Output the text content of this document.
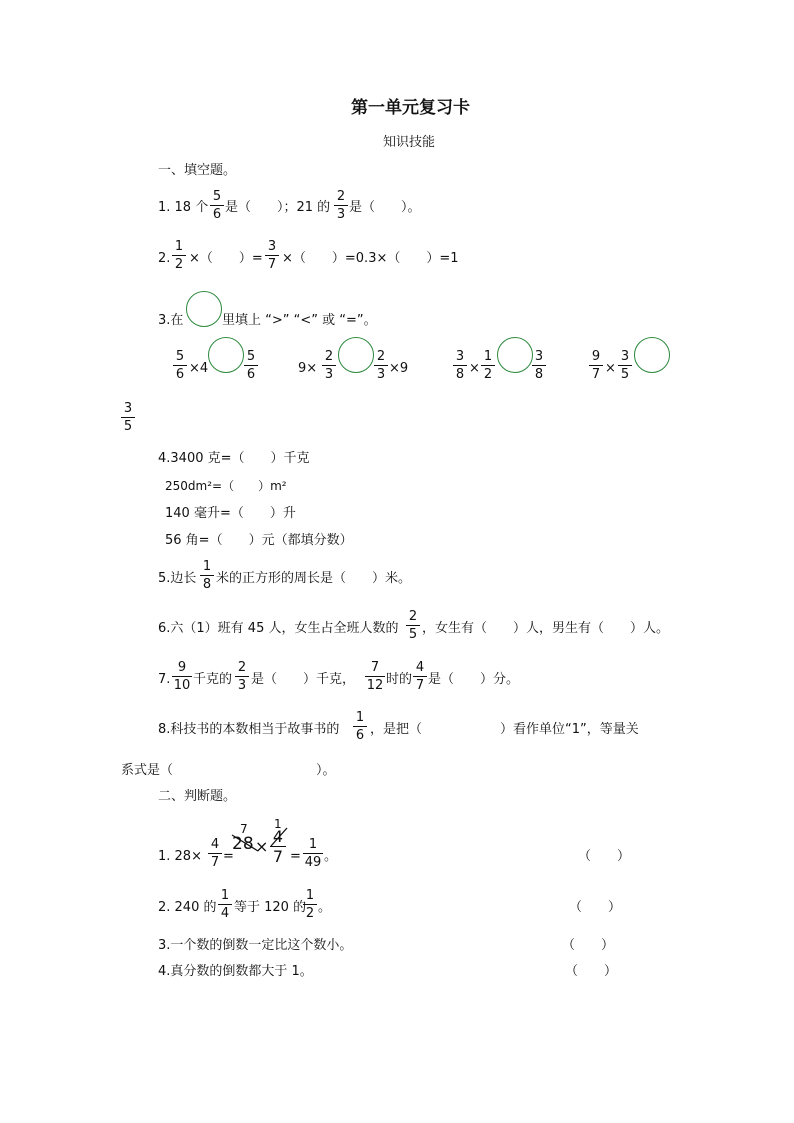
第一单元复习卡
知识技能
一、填空题。
1. 18 个
5
6 是（　　）；21 的
2
3 是（　　）。
2.
1
2 ×（　　）=
3
7 ×（　　）=0.3×（　　）=1
3.在	里填上 “>” “<” 或 “=”。
5
6 ×4
5
6	9×
2
3
2
3 ×9
3
8 ×
1
2
3
8
9
7 ×
3
5
3
5
4.3400 克=（　　）千克
250dm²=（　　）m²
140 毫升=（　　）升
56 角=（　　）元（都填分数）
5.边长
1
8 米的正方形的周长是（　　）米。
6.六（1）班有 45 人，女生占全班人数的
2
5 ，女生有（　　）人，男生有（　　）人。
7.
9
10 千克的
2
3 是（　　）千克，
7
12 时的
4
7 是（　　）分。
8.科技书的本数相当于故事书的
1
6 ，是把（　　　　　　）看作单位“1”，等量关
系式是（　　　　　　　　　　　）。
二、判断题。
1. 28×
4
7 =
7
28 ×
1
4
7 =
1
49 。	（　　）
2. 240 的
1
4 等于 120 的
1
2 。	（　　）
3.一个数的倒数一定比这个数小。	（　　）
4.真分数的倒数都大于 1。	（　　）
